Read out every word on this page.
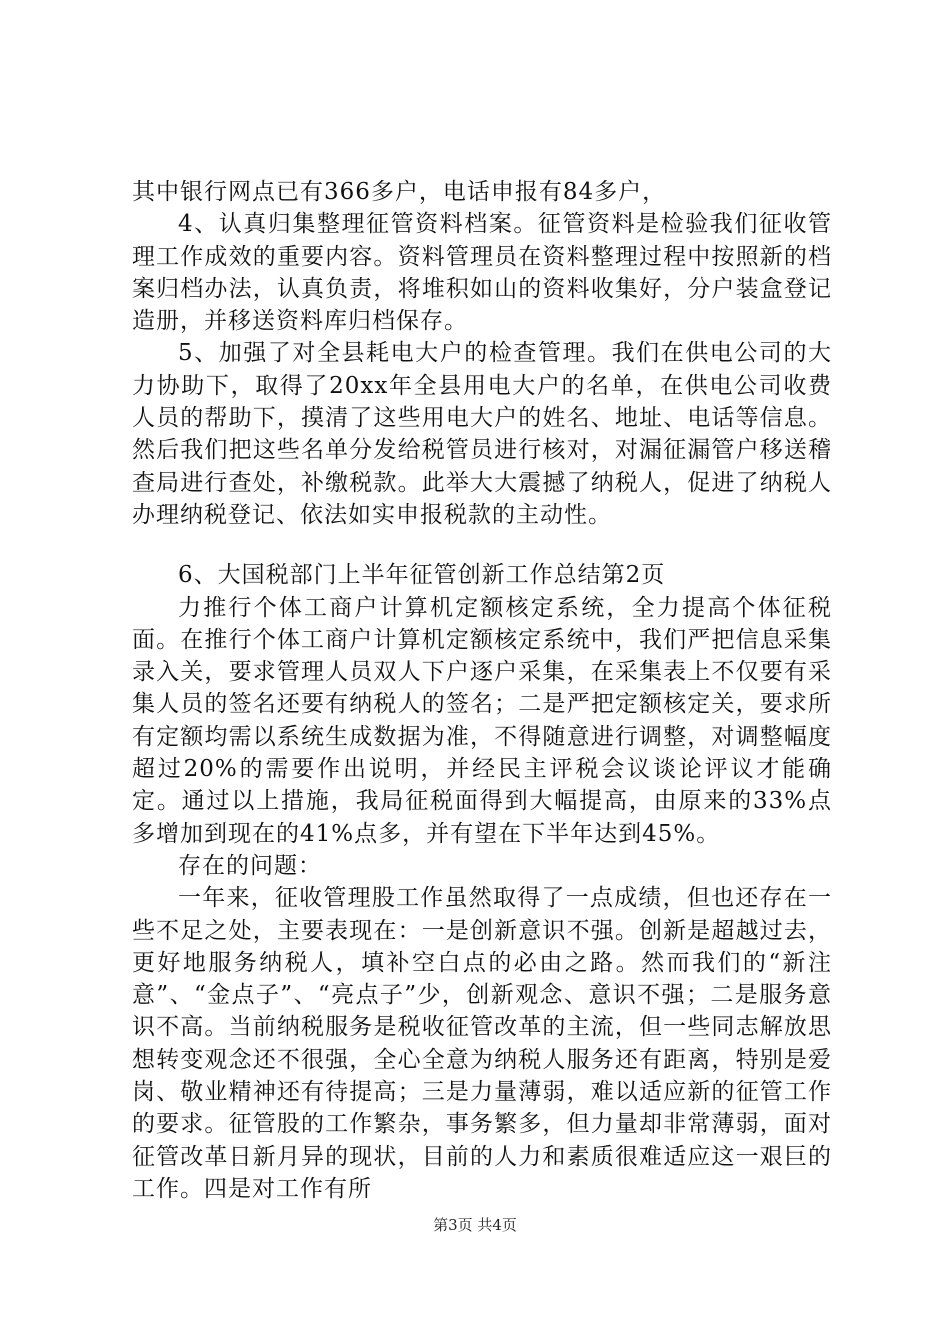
其中银行网点已有366多户，电话申报有84多户，

4、认真归集整理征管资料档案。征管资料是检验我们征收管理工作成效的重要内容。资料管理员在资料整理过程中按照新的档案归档办法，认真负责，将堆积如山的资料收集好，分户装盒登记造册，并移送资料库归档保存。

5、加强了对全县耗电大户的检查管理。我们在供电公司的大力协助下，取得了20xx年全县用电大户的名单，在供电公司收费人员的帮助下，摸清了这些用电大户的姓名、地址、电话等信息。然后我们把这些名单分发给税管员进行核对，对漏征漏管户移送稽查局进行查处，补缴税款。此举大大震撼了纳税人，促进了纳税人办理纳税登记、依法如实申报税款的主动性。

6、大国税部门上半年征管创新工作总结第2页

力推行个体工商户计算机定额核定系统，全力提高个体征税面。在推行个体工商户计算机定额核定系统中，我们严把信息采集录入关，要求管理人员双人下户逐户采集，在采集表上不仅要有采集人员的签名还要有纳税人的签名；二是严把定额核定关，要求所有定额均需以系统生成数据为准，不得随意进行调整，对调整幅度超过20%的需要作出说明，并经民主评税会议谈论评议才能确定。通过以上措施，我局征税面得到大幅提高，由原来的33%点多增加到现在的41%点多，并有望在下半年达到45%。

存在的问题：

一年来，征收管理股工作虽然取得了一点成绩，但也还存在一些不足之处，主要表现在：一是创新意识不强。创新是超越过去，更好地服务纳税人，填补空白点的必由之路。然而我们的“新注意”、“金点子”、“亮点子”少，创新观念、意识不强；二是服务意识不高。当前纳税服务是税收征管改革的主流，但一些同志解放思想转变观念还不很强，全心全意为纳税人服务还有距离，特别是爱岗、敬业精神还有待提高；三是力量薄弱，难以适应新的征管工作的要求。征管股的工作繁杂，事务繁多，但力量却非常薄弱，面对征管改革日新月异的现状，目前的人力和素质很难适应这一艰巨的工作。四是对工作有所

第3页 共4页
